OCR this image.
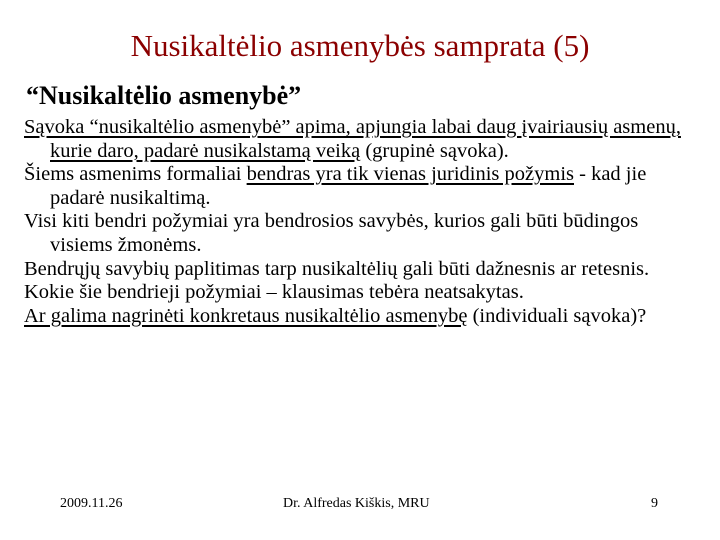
Nusikaltėlio asmenybės samprata (5)
“Nusikaltėlio asmenybė”

Sąvoka “nusikaltėlio asmenybė” apima, apjungia labai daug įvairiausių asmenų, kurie daro, padarė nusikalstamą veiką (grupinė sąvoka).

Šiems asmenims formaliai bendras yra tik vienas juridinis požymis - kad jie padarė nusikaltimą.

Visi kiti bendri požymiai yra bendrosios savybės, kurios gali būti būdingos visiems žmonėms.

Bendrųjų savybių paplitimas tarp nusikaltėlių gali būti dažnesnis ar retesnis.

Kokie šie bendrieji požymiai – klausimas tebėra neatsakytas.

Ar galima nagrinėti konkretaus nusikaltėlio asmenybę (individuali sąvoka)?

2009.11.26	Dr. Alfredas Kiškis, MRU	9
